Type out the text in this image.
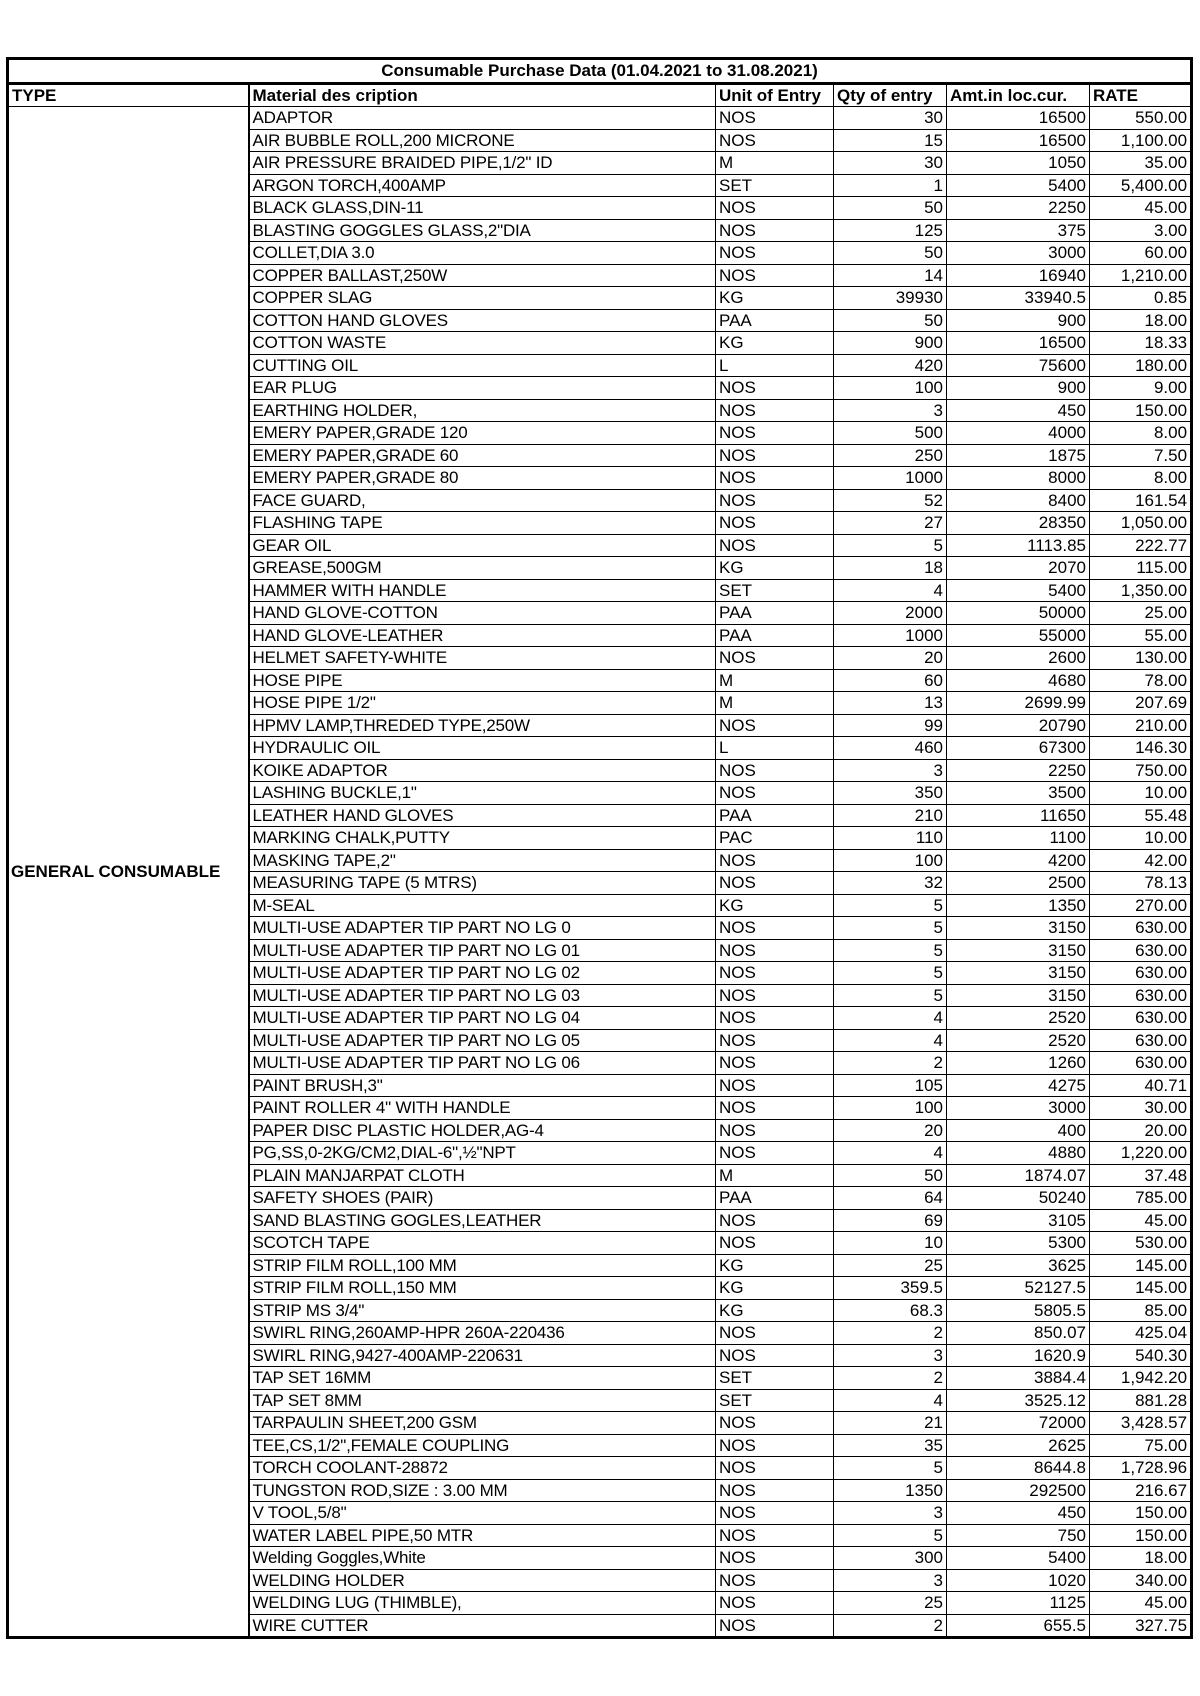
Consumable Purchase Data (01.04.2021 to 31.08.2021)					
TYPE	Material des cription	Unit of Entry	Qty of entry	Amt.in loc.cur.	RATE
GENERAL CONSUMABLE	ADAPTOR	NOS	30	16500	550.00
	AIR BUBBLE ROLL,200 MICRONE	NOS	15	16500	1,100.00
	AIR PRESSURE BRAIDED PIPE,1/2" ID	M	30	1050	35.00
	ARGON TORCH,400AMP	SET	1	5400	5,400.00
	BLACK GLASS,DIN-11	NOS	50	2250	45.00
	BLASTING GOGGLES GLASS,2"DIA	NOS	125	375	3.00
	COLLET,DIA 3.0	NOS	50	3000	60.00
	COPPER BALLAST,250W	NOS	14	16940	1,210.00
	COPPER SLAG	KG	39930	33940.5	0.85
	COTTON HAND GLOVES	PAA	50	900	18.00
	COTTON WASTE	KG	900	16500	18.33
	CUTTING OIL	L	420	75600	180.00
	EAR PLUG	NOS	100	900	9.00
	EARTHING HOLDER,	NOS	3	450	150.00
	EMERY PAPER,GRADE 120	NOS	500	4000	8.00
	EMERY PAPER,GRADE 60	NOS	250	1875	7.50
	EMERY PAPER,GRADE 80	NOS	1000	8000	8.00
	FACE GUARD,	NOS	52	8400	161.54
	FLASHING TAPE	NOS	27	28350	1,050.00
	GEAR OIL	NOS	5	1113.85	222.77
	GREASE,500GM	KG	18	2070	115.00
	HAMMER WITH HANDLE	SET	4	5400	1,350.00
	HAND GLOVE-COTTON	PAA	2000	50000	25.00
	HAND GLOVE-LEATHER	PAA	1000	55000	55.00
	HELMET SAFETY-WHITE	NOS	20	2600	130.00
	HOSE PIPE	M	60	4680	78.00
	HOSE PIPE 1/2"	M	13	2699.99	207.69
	HPMV LAMP,THREDED TYPE,250W	NOS	99	20790	210.00
	HYDRAULIC OIL	L	460	67300	146.30
	KOIKE ADAPTOR	NOS	3	2250	750.00
	LASHING BUCKLE,1"	NOS	350	3500	10.00
	LEATHER HAND GLOVES	PAA	210	11650	55.48
	MARKING CHALK,PUTTY	PAC	110	1100	10.00
	MASKING TAPE,2"	NOS	100	4200	42.00
	MEASURING TAPE (5 MTRS)	NOS	32	2500	78.13
	M-SEAL	KG	5	1350	270.00
	MULTI-USE ADAPTER TIP PART NO LG 0	NOS	5	3150	630.00
	MULTI-USE ADAPTER TIP PART NO LG 01	NOS	5	3150	630.00
	MULTI-USE ADAPTER TIP PART NO LG 02	NOS	5	3150	630.00
	MULTI-USE ADAPTER TIP PART NO LG 03	NOS	5	3150	630.00
	MULTI-USE ADAPTER TIP PART NO LG 04	NOS	4	2520	630.00
	MULTI-USE ADAPTER TIP PART NO LG 05	NOS	4	2520	630.00
	MULTI-USE ADAPTER TIP PART NO LG 06	NOS	2	1260	630.00
	PAINT BRUSH,3"	NOS	105	4275	40.71
	PAINT ROLLER 4" WITH HANDLE	NOS	100	3000	30.00
	PAPER DISC PLASTIC HOLDER,AG-4	NOS	20	400	20.00
	PG,SS,0-2KG/CM2,DIAL-6",½"NPT	NOS	4	4880	1,220.00
	PLAIN MANJARPAT CLOTH	M	50	1874.07	37.48
	SAFETY SHOES (PAIR)	PAA	64	50240	785.00
	SAND BLASTING GOGLES,LEATHER	NOS	69	3105	45.00
	SCOTCH TAPE	NOS	10	5300	530.00
	STRIP FILM ROLL,100 MM	KG	25	3625	145.00
	STRIP FILM ROLL,150 MM	KG	359.5	52127.5	145.00
	STRIP MS 3/4"	KG	68.3	5805.5	85.00
	SWIRL RING,260AMP-HPR 260A-220436	NOS	2	850.07	425.04
	SWIRL RING,9427-400AMP-220631	NOS	3	1620.9	540.30
	TAP SET 16MM	SET	2	3884.4	1,942.20
	TAP SET 8MM	SET	4	3525.12	881.28
	TARPAULIN SHEET,200 GSM	NOS	21	72000	3,428.57
	TEE,CS,1/2",FEMALE COUPLING	NOS	35	2625	75.00
	TORCH COOLANT-28872	NOS	5	8644.8	1,728.96
	TUNGSTON ROD,SIZE : 3.00 MM	NOS	1350	292500	216.67
	V TOOL,5/8"	NOS	3	450	150.00
	WATER LABEL PIPE,50 MTR	NOS	5	750	150.00
	Welding Goggles,White	NOS	300	5400	18.00
	WELDING HOLDER	NOS	3	1020	340.00
	WELDING LUG (THIMBLE),	NOS	25	1125	45.00
	WIRE CUTTER	NOS	2	655.5	327.75
